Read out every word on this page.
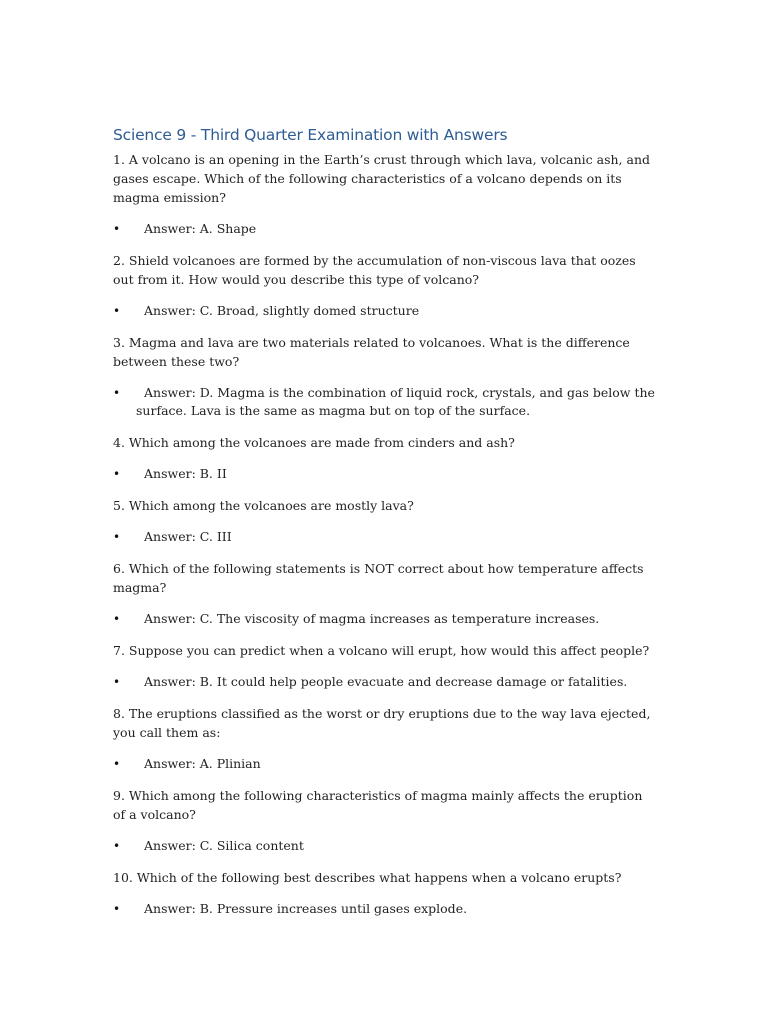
Science 9 - Third Quarter Examination with Answers

1. A volcano is an opening in the Earth’s crust through which lava, volcanic ash, and gases escape. Which of the following characteristics of a volcano depends on its magma emission?

• Answer: A. Shape

2. Shield volcanoes are formed by the accumulation of non-viscous lava that oozes out from it. How would you describe this type of volcano?

• Answer: C. Broad, slightly domed structure

3. Magma and lava are two materials related to volcanoes. What is the difference between these two?

• Answer: D. Magma is the combination of liquid rock, crystals, and gas below the surface. Lava is the same as magma but on top of the surface.

4. Which among the volcanoes are made from cinders and ash?

• Answer: B. II

5. Which among the volcanoes are mostly lava?

• Answer: C. III

6. Which of the following statements is NOT correct about how temperature affects magma?

• Answer: C. The viscosity of magma increases as temperature increases.

7. Suppose you can predict when a volcano will erupt, how would this affect people?

• Answer: B. It could help people evacuate and decrease damage or fatalities.

8. The eruptions classified as the worst or dry eruptions due to the way lava ejected, you call them as:

• Answer: A. Plinian

9. Which among the following characteristics of magma mainly affects the eruption of a volcano?

• Answer: C. Silica content

10. Which of the following best describes what happens when a volcano erupts?

• Answer: B. Pressure increases until gases explode.
